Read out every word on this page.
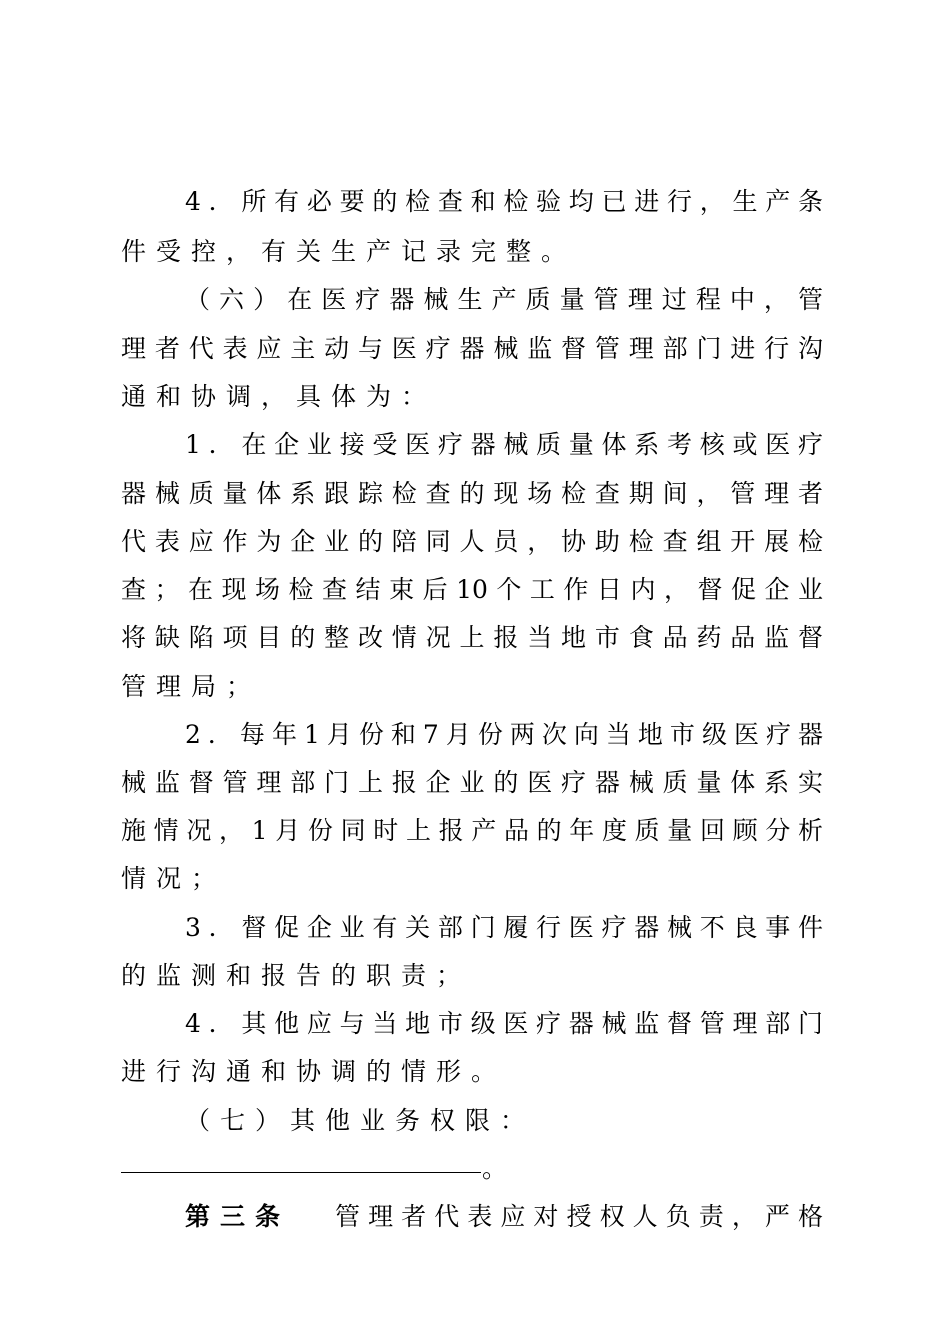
4．所有必要的检查和检验均已进行，生产条
件受控，有关生产记录完整。
（六）在医疗器械生产质量管理过程中，管
理者代表应主动与医疗器械监督管理部门进行沟
通和协调，具体为：
1．在企业接受医疗器械质量体系考核或医疗
器械质量体系跟踪检查的现场检查期间，管理者
代表应作为企业的陪同人员，协助检查组开展检
查；在现场检查结束后10个工作日内，督促企业
将缺陷项目的整改情况上报当地市食品药品监督
管理局；
2．每年1月份和7月份两次向当地市级医疗器
械监督管理部门上报企业的医疗器械质量体系实
施情况，1月份同时上报产品的年度质量回顾分析
情况；
3．督促企业有关部门履行医疗器械不良事件
的监测和报告的职责；
4．其他应与当地市级医疗器械监督管理部门
进行沟通和协调的情形。
（七）其他业务权限：
。
第三条 管理者代表应对授权人负责，严格
